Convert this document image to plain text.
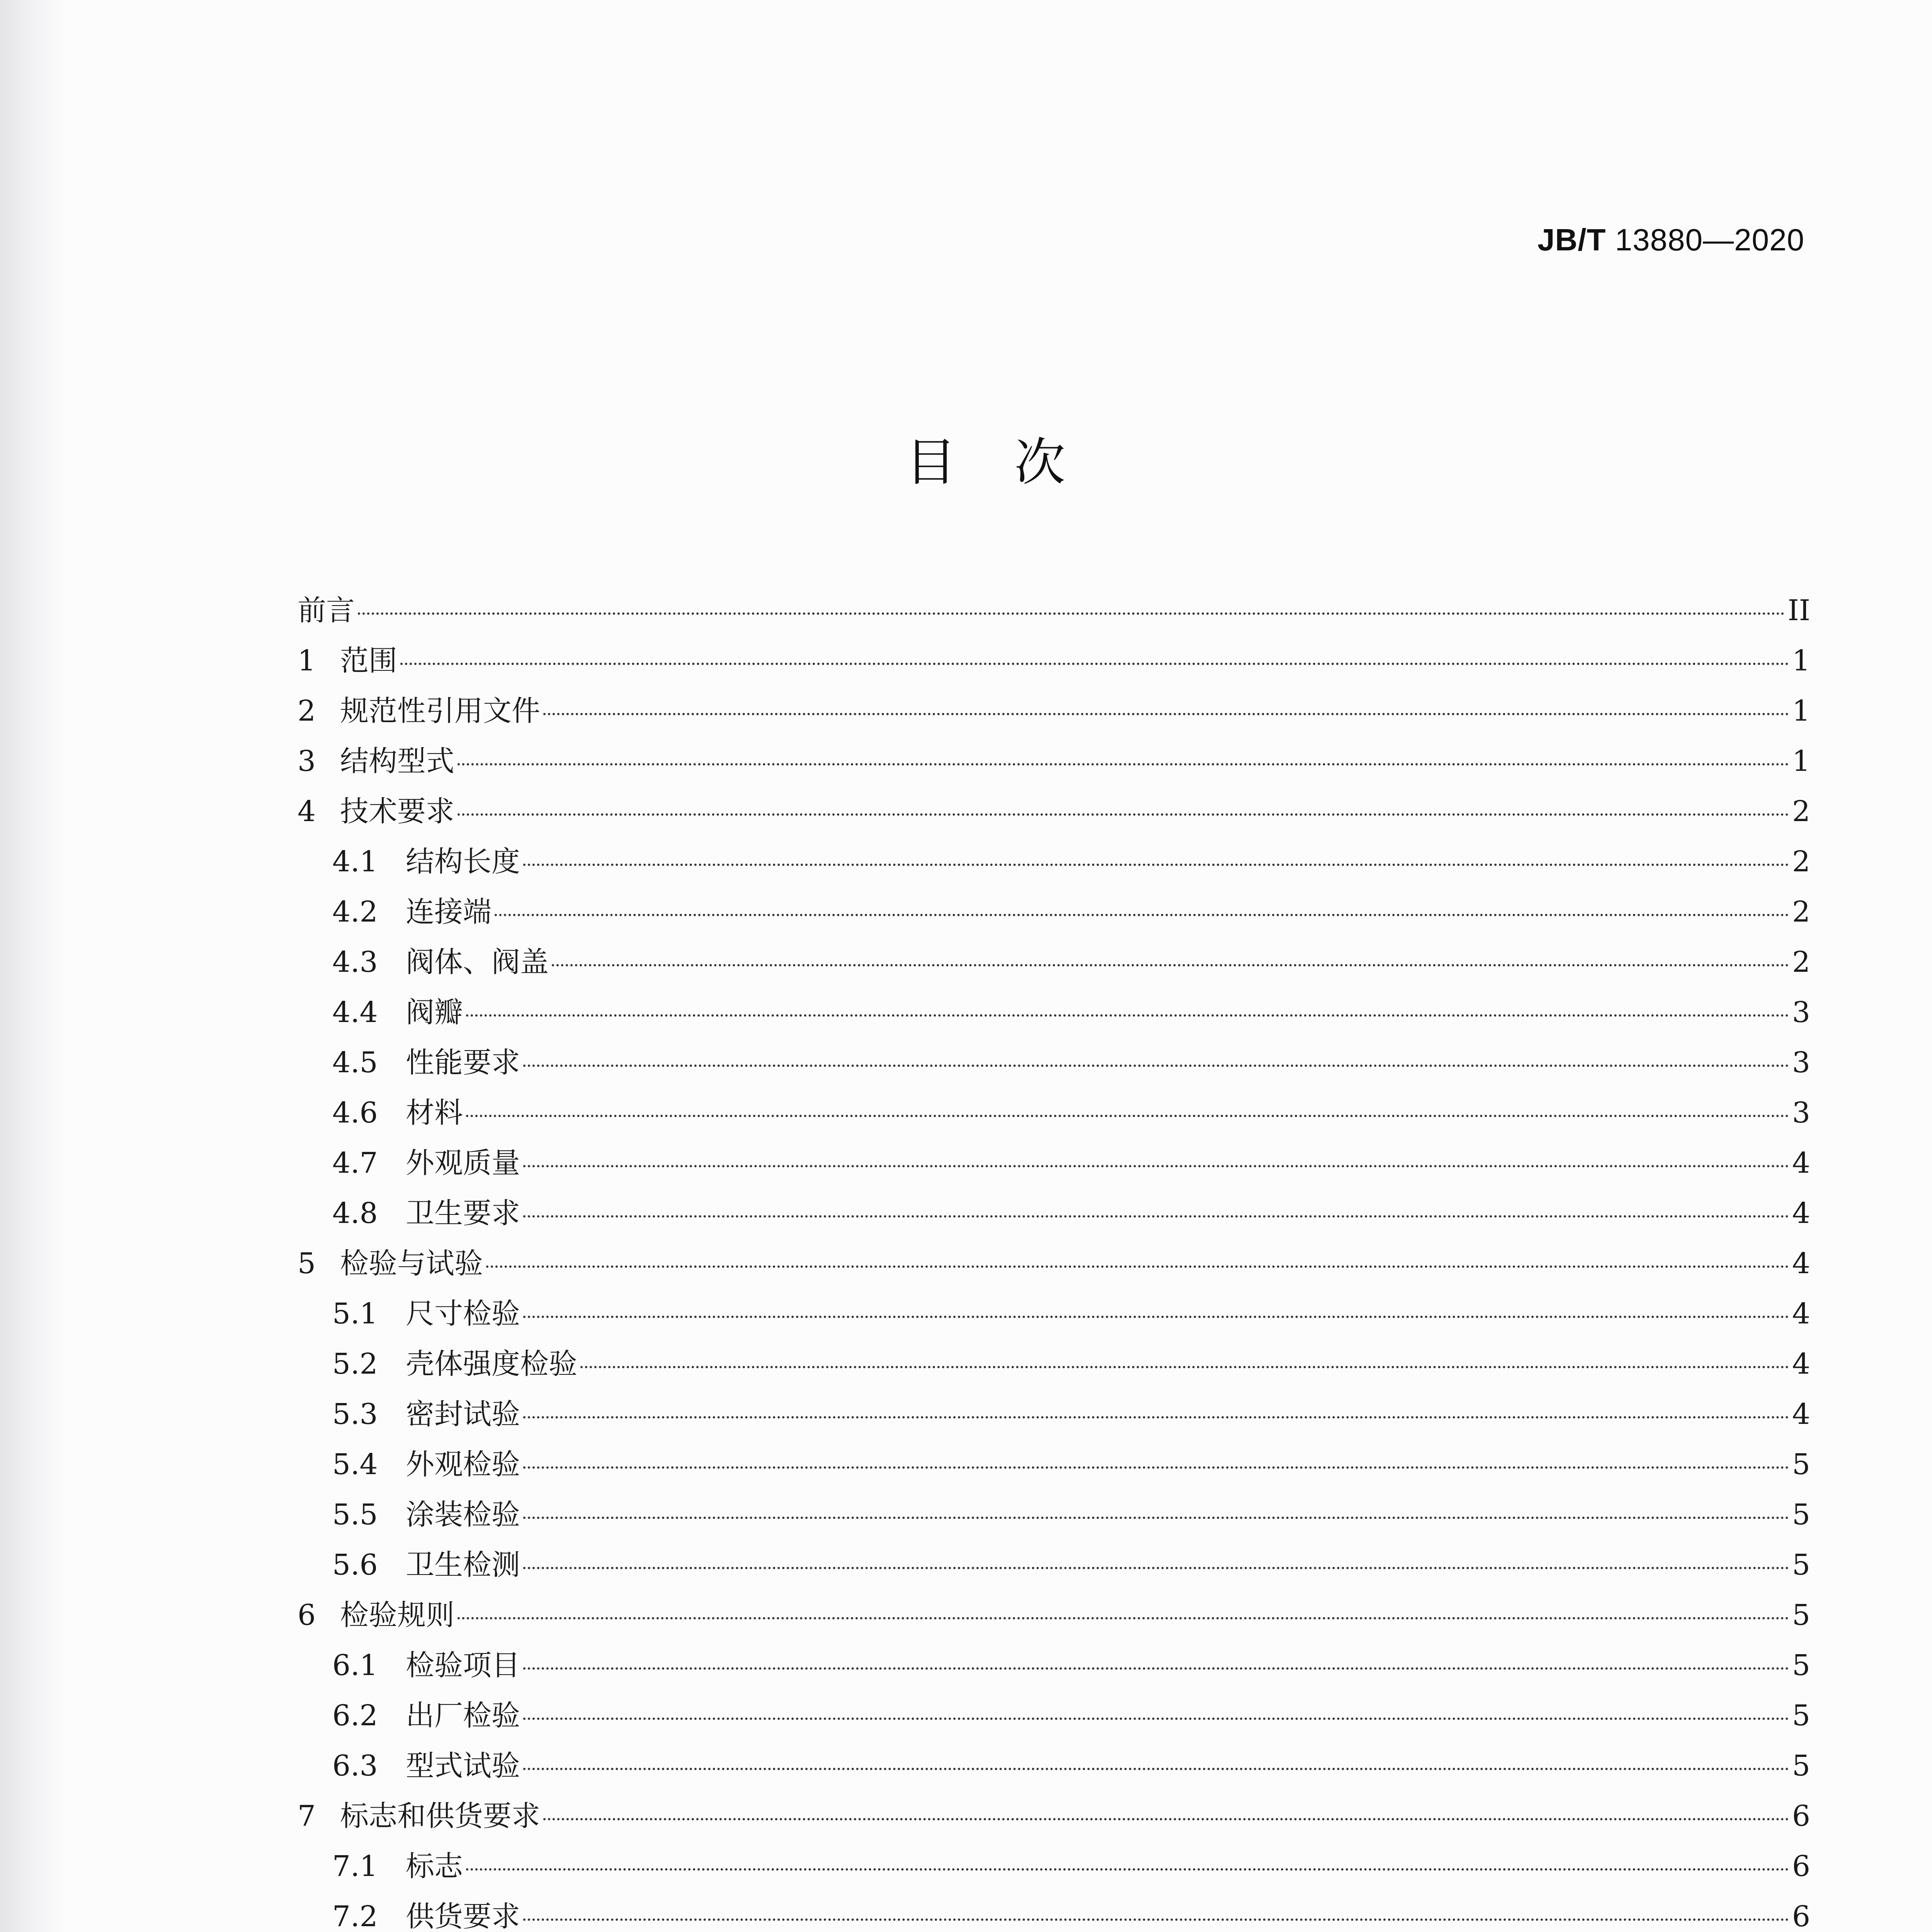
JB/T 13880—2020
目次
前言	II
1 范围	1
2 规范性引用文件	1
3 结构型式	1
4 技术要求	2
4.1 结构长度	2
4.2 连接端	2
4.3 阀体、阀盖	2
4.4 阀瓣	3
4.5 性能要求	3
4.6 材料	3
4.7 外观质量	4
4.8 卫生要求	4
5 检验与试验	4
5.1 尺寸检验	4
5.2 壳体强度检验	4
5.3 密封试验	4
5.4 外观检验	5
5.5 涂装检验	5
5.6 卫生检测	5
6 检验规则	5
6.1 检验项目	5
6.2 出厂检验	5
6.3 型式试验	5
7 标志和供货要求	6
7.1 标志	6
7.2 供货要求	6
